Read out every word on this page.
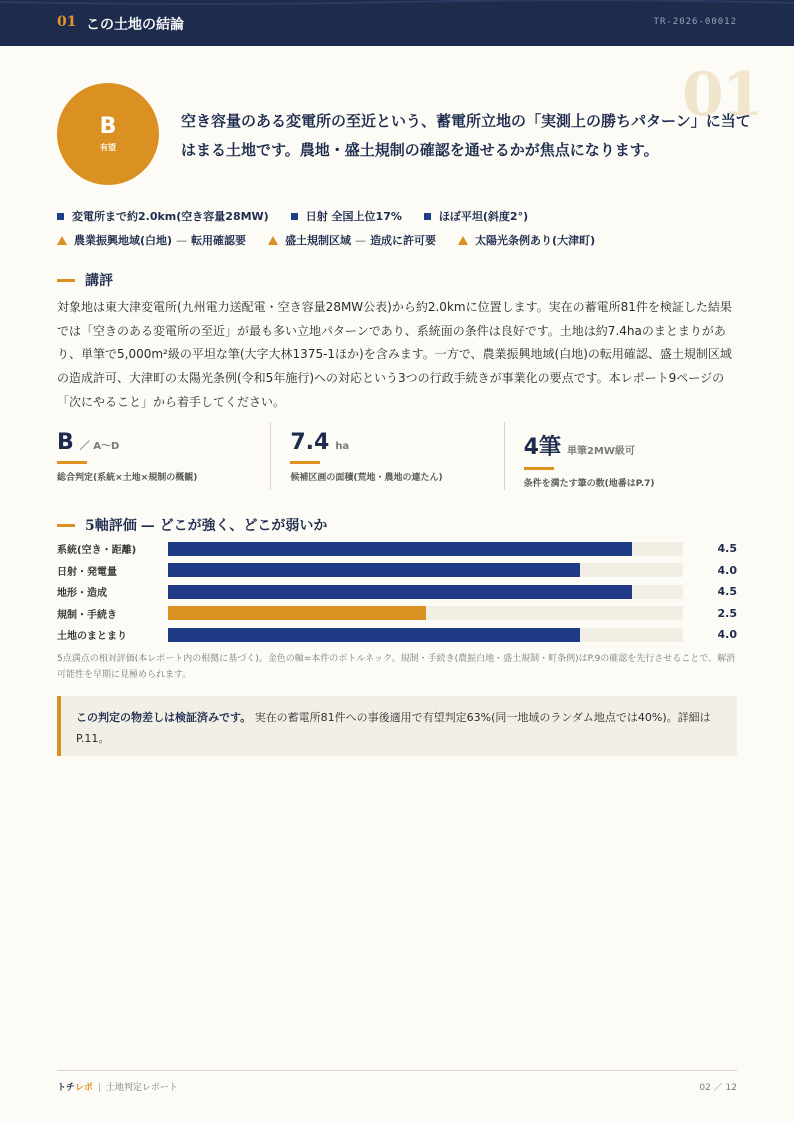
01 この土地の結論	TR-2026-00012
01
B
有望

空き容量のある変電所の至近という、蓄電所立地の「実測上の勝ちパターン」に当てはまる土地です。農地・盛土規制の確認を通せるかが焦点になります。

変電所まで約2.0km(空き容量28MW)	日射 全国上位17%	ほぼ平坦(斜度2°)
農業振興地域(白地) — 転用確認要	盛土規制区域 — 造成に許可要	太陽光条例あり(大津町)
講評

対象地は東大津変電所(九州電力送配電・空き容量28MW公表)から約2.0kmに位置します。実在の蓄電所81件を検証した結果では「空きのある変電所の至近」が最も多い立地パターンであり、系統面の条件は良好です。土地は約7.4haのまとまりがあり、単筆で5,000m²級の平坦な筆(大字大林1375-1ほか)を含みます。一方で、農業振興地域(白地)の転用確認、盛土規制区域の造成許可、大津町の太陽光条例(令和5年施行)への対応という3つの行政手続きが事業化の要点です。本レポート9ページの「次にやること」から着手してください。

B ／ A〜D
総合判定(系統×土地×規制の概観)
7.4 ha
候補区画の面積(荒地・農地の連たん)
4筆 単筆2MW級可
条件を満たす筆の数(地番はP.7)
5軸評価 — どこが強く、どこが弱いか
系統(空き・距離)	4.5
日射・発電量	4.0
地形・造成	4.5
規制・手続き	2.5
土地のまとまり	4.0

5点満点の相対評価(本レポート内の根拠に基づく)。金色の軸=本件のボトルネック。規制・手続き(農振白地・盛土規制・町条例)はP.9の確認を先行させることで、解消可能性を早期に見極められます。

この判定の物差しは検証済みです。 実在の蓄電所81件への事後適用で有望判定63%(同一地域のランダム地点では40%)。詳細は P.11。
トチレポ | 土地判定レポート	02 ／ 12
